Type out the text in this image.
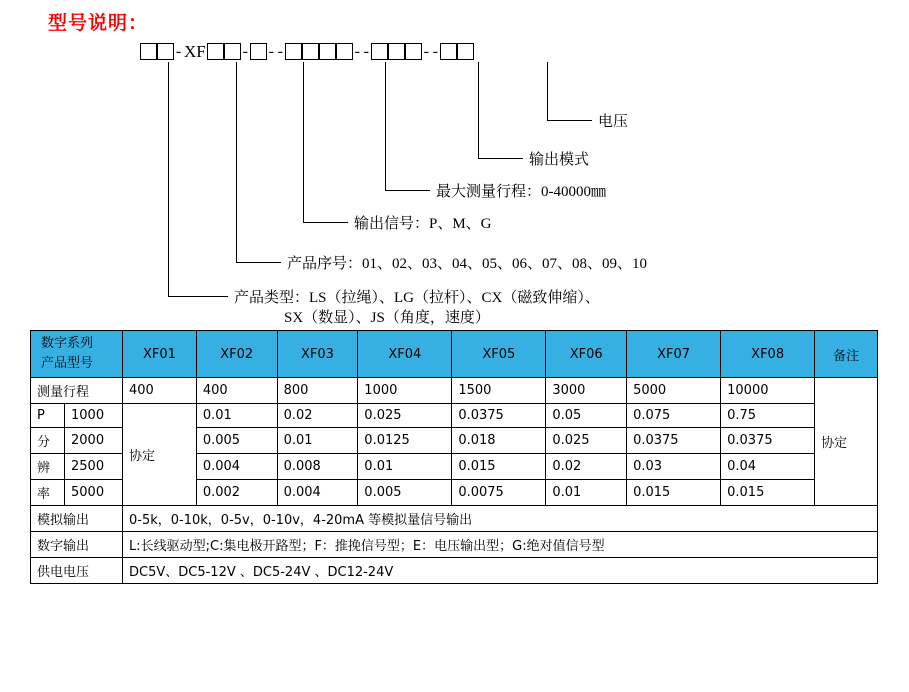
型号说明：
- XF - - -	- -	- -
电压
输出模式
最大测量行程：0-40000㎜
输出信号：P、M、G
产品序号：01、02、03、04、05、06、07、08、09、10
产品类型：LS（拉绳）、LG（拉杆）、CX（磁致伸缩）、
SX（数显）、JS（角度，速度）
数字系列
产品型号		XF01	XF02	XF03	XF04	XF05	XF06	XF07	XF08	备注
测量行程		400	400	800	1000	1500	3000	5000	10000	协定
P	1000	协定	0.01	0.02	0.025	0.0375	0.05	0.075	0.75	
分	2000		0.005	0.01	0.0125	0.018	0.025	0.0375	0.0375	
辨	2500		0.004	0.008	0.01	0.015	0.02	0.03	0.04	
率	5000		0.002	0.004	0.005	0.0075	0.01	0.015	0.015	
模拟输出		0-5k，0-10k，0-5v，0-10v，4-20mA 等模拟量信号输出								
数字输出		L:长线驱动型;C:集电极开路型；F：推挽信号型；E：电压输出型；G:绝对值信号型								
供电电压		DC5V、DC5-12V 、DC5-24V 、DC12-24V								
